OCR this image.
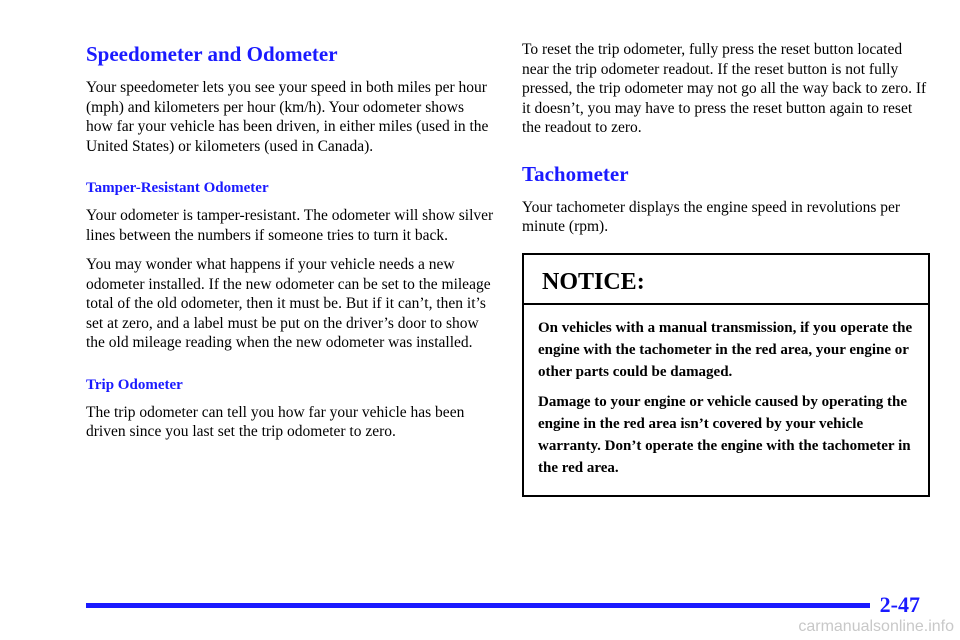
Speedometer and Odometer

Your speedometer lets you see your speed in both miles per hour (mph) and kilometers per hour (km/h). Your odometer shows how far your vehicle has been driven, in either miles (used in the United States) or kilometers (used in Canada).

Tamper-Resistant Odometer

Your odometer is tamper-resistant. The odometer will show silver lines between the numbers if someone tries to turn it back.

You may wonder what happens if your vehicle needs a new odometer installed. If the new odometer can be set to the mileage total of the old odometer, then it must be. But if it can’t, then it’s set at zero, and a label must be put on the driver’s door to show the old mileage reading when the new odometer was installed.

Trip Odometer

The trip odometer can tell you how far your vehicle has been driven since you last set the trip odometer to zero.

To reset the trip odometer, fully press the reset button located near the trip odometer readout. If the reset button is not fully pressed, the trip odometer may not go all the way back to zero. If it doesn’t, you may have to press the reset button again to reset the readout to zero.

Tachometer

Your tachometer displays the engine speed in revolutions per minute (rpm).

NOTICE:

On vehicles with a manual transmission, if you operate the engine with the tachometer in the red area, your engine or other parts could be damaged.

Damage to your engine or vehicle caused by operating the engine in the red area isn’t covered by your vehicle warranty. Don’t operate the engine with the tachometer in the red area.

2-47
carmanualsonline.info
